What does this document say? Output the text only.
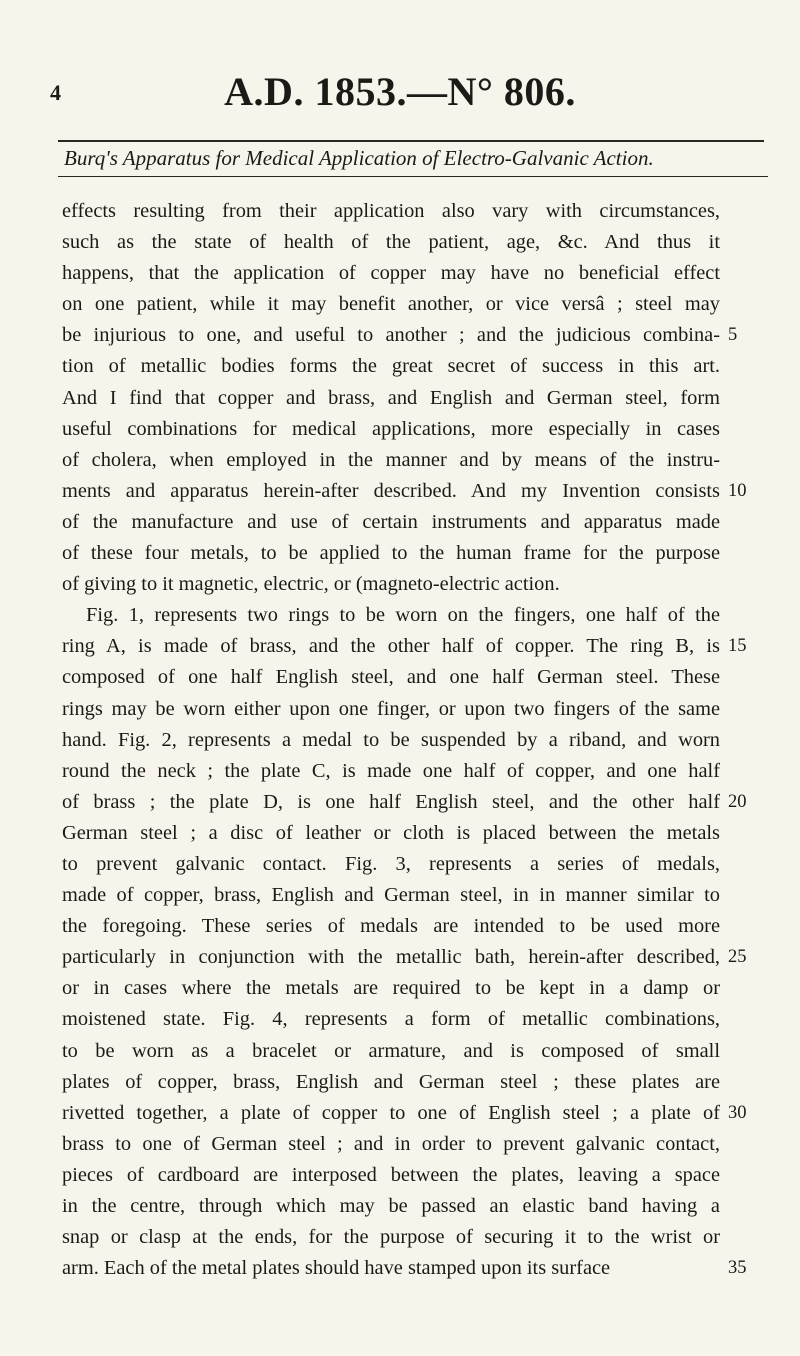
4	A.D. 1853.—N° 806.
Burq's Apparatus for Medical Application of Electro-Galvanic Action.
effects resulting from their application also vary with circumstances,
such as the state of health of the patient, age, &c. And thus it
happens, that the application of copper may have no beneficial effect
on one patient, while it may benefit another, or vice versâ ; steel may
be injurious to one, and useful to another ; and the judicious combina- 5
tion of metallic bodies forms the great secret of success in this art.
And I find that copper and brass, and English and German steel, form
useful combinations for medical applications, more especially in cases
of cholera, when employed in the manner and by means of the instru-
ments and apparatus herein-after described. And my Invention consists 10
of the manufacture and use of certain instruments and apparatus made
of these four metals, to be applied to the human frame for the purpose
of giving to it magnetic, electric, or (magneto-electric action.
Fig. 1, represents two rings to be worn on the fingers, one half of the
ring A, is made of brass, and the other half of copper. The ring B, is 15
composed of one half English steel, and one half German steel. These
rings may be worn either upon one finger, or upon two fingers of the same
hand. Fig. 2, represents a medal to be suspended by a riband, and worn
round the neck ; the plate C, is made one half of copper, and one half
of brass ; the plate D, is one half English steel, and the other half 20
German steel ; a disc of leather or cloth is placed between the metals
to prevent galvanic contact. Fig. 3, represents a series of medals,
made of copper, brass, English and German steel, in in manner similar to
the foregoing. These series of medals are intended to be used more
particularly in conjunction with the metallic bath, herein-after described, 25
or in cases where the metals are required to be kept in a damp or
moistened state. Fig. 4, represents a form of metallic combinations,
to be worn as a bracelet or armature, and is composed of small
plates of copper, brass, English and German steel ; these plates are
rivetted together, a plate of copper to one of English steel ; a plate of 30
brass to one of German steel ; and in order to prevent galvanic contact,
pieces of cardboard are interposed between the plates, leaving a space
in the centre, through which may be passed an elastic band having a
snap or clasp at the ends, for the purpose of securing it to the wrist or
arm. Each of the metal plates should have stamped upon its surface	35
